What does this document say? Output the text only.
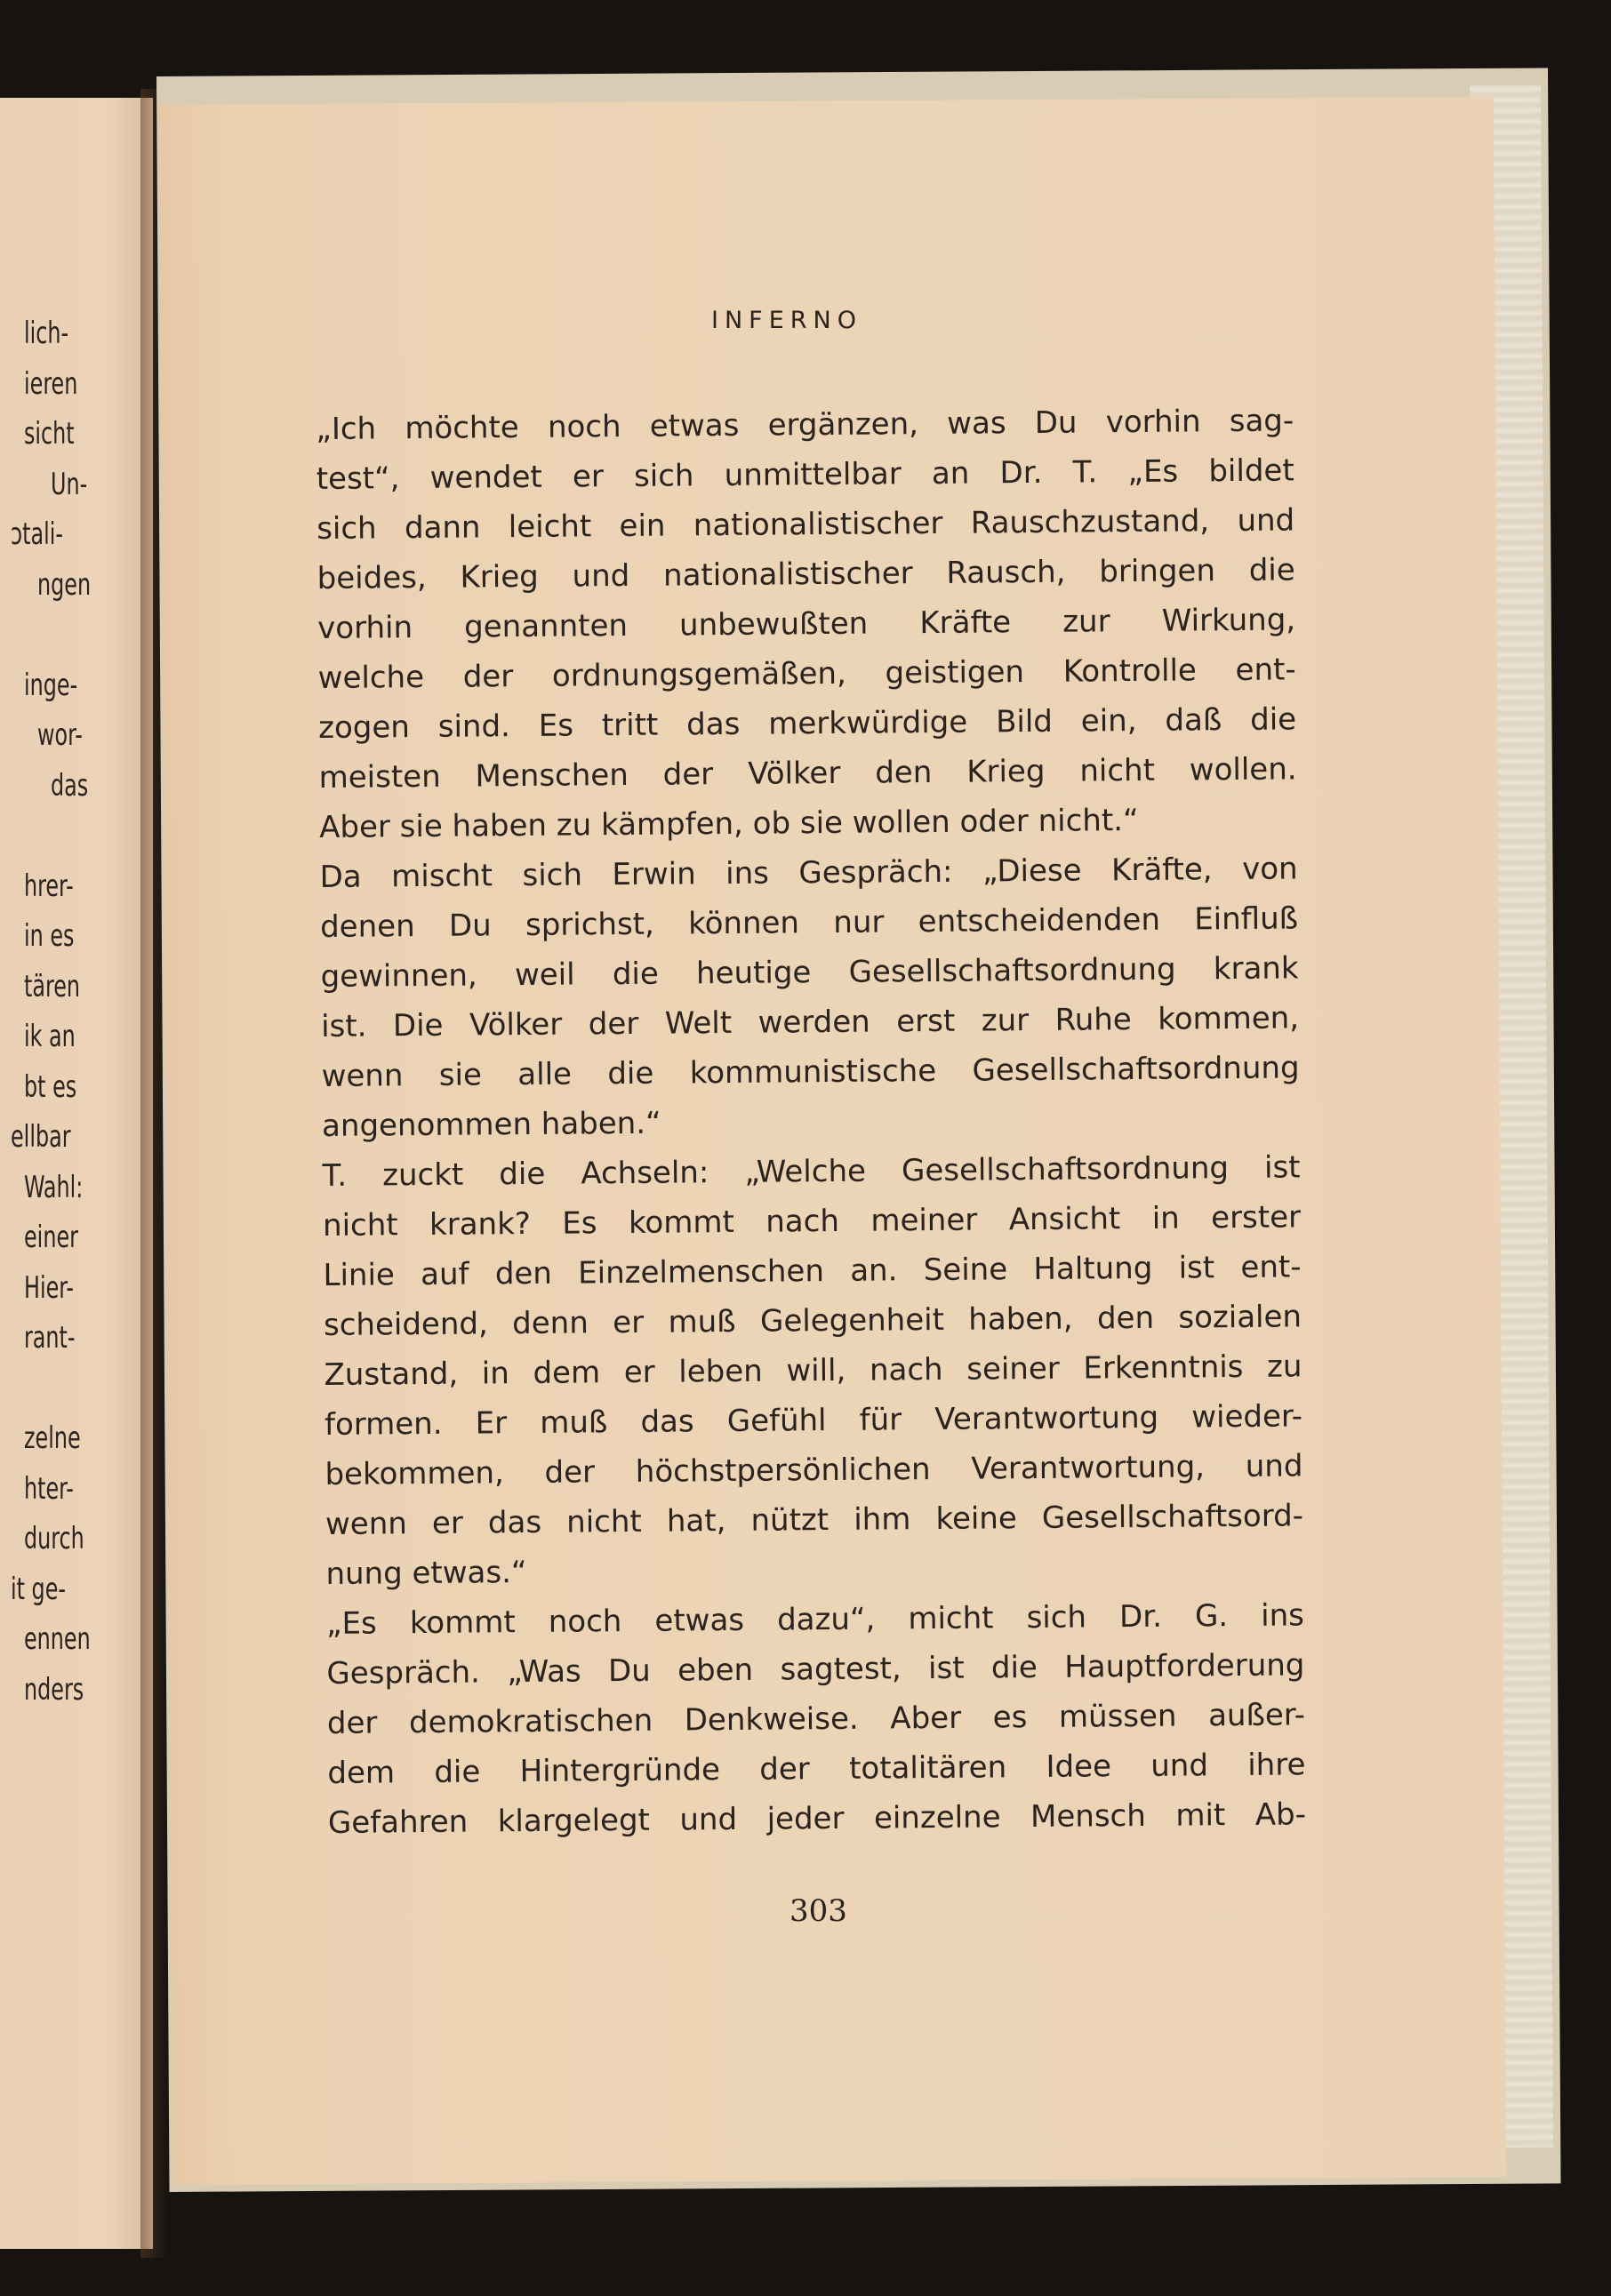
lich-
ieren
sicht
Un-
ɔtali-
ngen
inge-
wor-
das
hrer-
in es
tären
ik an
bt es
ellbar
Wahl:
einer
Hier-
rant-
zelne
hter-
durch
it ge-
ennen
nders
INFERNO
„Ich möchte noch etwas ergänzen, was Du vorhin sag-
test“, wendet er sich unmittelbar an Dr. T. „Es bildet
sich dann leicht ein nationalistischer Rauschzustand, und
beides, Krieg und nationalistischer Rausch, bringen die
vorhin genannten unbewußten Kräfte zur Wirkung,
welche der ordnungsgemäßen, geistigen Kontrolle ent-
zogen sind. Es tritt das merkwürdige Bild ein, daß die
meisten Menschen der Völker den Krieg nicht wollen.
Aber sie haben zu kämpfen, ob sie wollen oder nicht.“
Da mischt sich Erwin ins Gespräch: „Diese Kräfte, von
denen Du sprichst, können nur entscheidenden Einfluß
gewinnen, weil die heutige Gesellschaftsordnung krank
ist. Die Völker der Welt werden erst zur Ruhe kommen,
wenn sie alle die kommunistische Gesellschaftsordnung
angenommen haben.“
T. zuckt die Achseln: „Welche Gesellschaftsordnung ist
nicht krank? Es kommt nach meiner Ansicht in erster
Linie auf den Einzelmenschen an. Seine Haltung ist ent-
scheidend, denn er muß Gelegenheit haben, den sozialen
Zustand, in dem er leben will, nach seiner Erkenntnis zu
formen. Er muß das Gefühl für Verantwortung wieder-
bekommen, der höchstpersönlichen Verantwortung, und
wenn er das nicht hat, nützt ihm keine Gesellschaftsord-
nung etwas.“
„Es kommt noch etwas dazu“, micht sich Dr. G. ins
Gespräch. „Was Du eben sagtest, ist die Hauptforderung
der demokratischen Denkweise. Aber es müssen außer-
dem die Hintergründe der totalitären Idee und ihre
Gefahren klargelegt und jeder einzelne Mensch mit Ab-
303
